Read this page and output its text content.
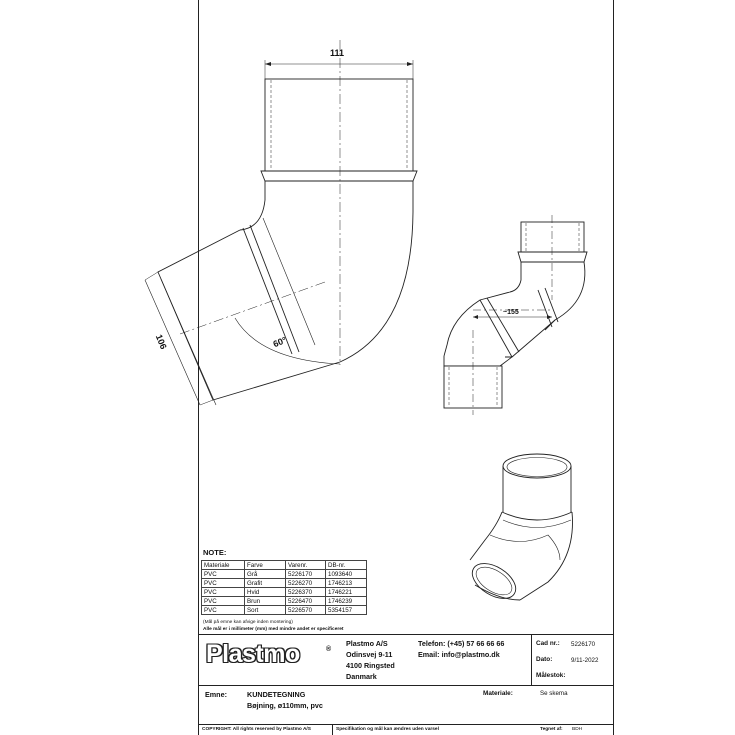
111
106	60°
~155
NOTE:
Materiale	Farve	Varenr.	DB-nr.
PVC	Grå	5226170	1093640
PVC	Grafit	5226270	1746213
PVC	Hvid	5226370	1746221
PVC	Brun	5226470	1746239
PVC	Sort	5226570	5354157
(Mål på emne kan afvige inden montering)
Alle mål er i millimeter (mm) med mindre andet er specificeret
Plastmo	®
Plastmo A/S
Odinsvej 9-11
4100 Ringsted
Danmark
Telefon: (+45) 57 66 66 66
Email: info@plastmo.dk
Cad nr.: 5226170
Dato:	9/11-2022
Målestok:
Emne:	KUNDETEGNING
Bøjning, ø110mm, pvc
Materiale:	Se skema
COPYRIGHT: All rights reserved by Plastmo A/S	Specifikation og mål kan ændres uden varsel	Tegnet af: BDH
